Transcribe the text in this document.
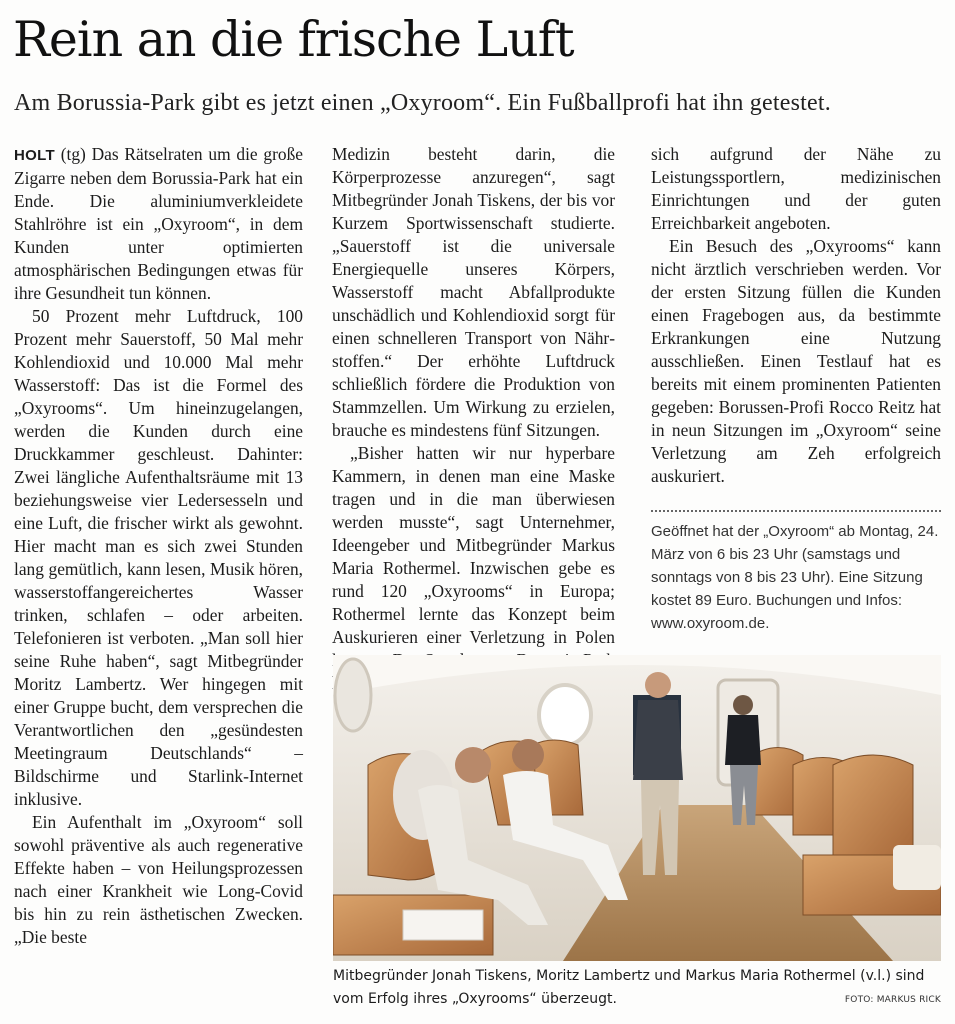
Rein an die frische Luft

Am Borussia-Park gibt es jetzt einen „Oxyroom“. Ein Fußballprofi hat ihn getestet.

HOLT (tg) Das Rätselraten um die große Zigarre neben dem Borussia-Park hat ein Ende. Die aluminiumverkleidete Stahlröhre ist ein „Oxyroom“, in dem Kunden unter optimierten atmosphärischen Bedingungen etwas für ihre Gesundheit tun können.

50 Prozent mehr Luftdruck, 100 Prozent mehr Sauerstoff, 50 Mal mehr Kohlendioxid und 10.000 Mal mehr Wasserstoff: Das ist die Formel des „Oxyrooms“. Um hineinzugelangen, werden die Kunden durch eine Druckkammer geschleust. Dahinter: Zwei längliche Aufenthaltsräume mit 13 beziehungsweise vier Ledersesseln und eine Luft, die frischer wirkt als gewohnt. Hier macht man es sich zwei Stunden lang gemütlich, kann lesen, Musik hören, wasserstoffangereichertes Wasser trinken, schlafen – oder arbeiten. Telefonieren ist verboten. „Man soll hier seine Ruhe haben“, sagt Mitbegründer Moritz Lambertz. Wer hingegen mit einer Gruppe bucht, dem versprechen die Verantwortlichen den „gesündesten Meetingraum Deutschlands“ – Bildschirme und Starlink-Internet inklusive.

Ein Aufenthalt im „Oxyroom“ soll sowohl präventive als auch regenerative Effekte haben – von Heilungsprozessen nach einer Krankheit wie Long-Covid bis hin zu rein ästhetischen Zwecken. „Die beste

Medizin besteht darin, die Körperprozesse anzuregen“, sagt Mitbegründer Jonah Tiskens, der bis vor Kurzem Sportwissenschaft studierte. „Sauerstoff ist die universale Energiequelle unseres Körpers, Wasserstoff macht Abfallprodukte unschädlich und Kohlendioxid sorgt für einen schnelleren Transport von Nährstoffen.“ Der erhöhte Luftdruck schließlich fördere die Produktion von Stammzellen. Um Wirkung zu erzielen, brauche es mindestens fünf Sitzungen.

„Bisher hatten wir nur hyperbare Kammern, in denen man eine Maske tragen und in die man überwiesen werden musste“, sagt Unternehmer, Ideengeber und Mitbegründer Markus Maria Rothermel. Inzwischen gebe es rund 120 „Oxyrooms“ in Europa; Rothermel lernte das Konzept beim Auskurieren einer Verletzung in Polen

sich aufgrund der Nähe zu Leistungssportlern, medizinischen Einrichtungen und der guten Erreichbarkeit angeboten.

Ein Besuch des „Oxyrooms“ kann nicht ärztlich verschrieben werden. Vor der ersten Sitzung füllen die Kunden einen Fragebogen aus, da bestimmte Erkrankungen eine Nutzung ausschließen. Einen Testlauf hat es bereits mit einem prominenten Patienten gegeben: Borussen-Profi Rocco Reitz hat in neun Sitzungen im „Oxyroom“ seine Verletzung am Zeh erfolgreich auskuriert.

Geöffnet hat der „Oxyroom“ ab Montag, 24. März von 6 bis 23 Uhr (samstags und sonntags von 8 bis 23 Uhr). Eine Sitzung kostet 89 Euro. Buchungen und Infos: www.oxyroom.de.
Mitbegründer Jonah Tiskens, Moritz Lambertz und Markus Maria Rothermel (v.l.) sind vom Erfolg ihres „Oxyrooms“ überzeugt.	FOTO: MARKUS RICK
